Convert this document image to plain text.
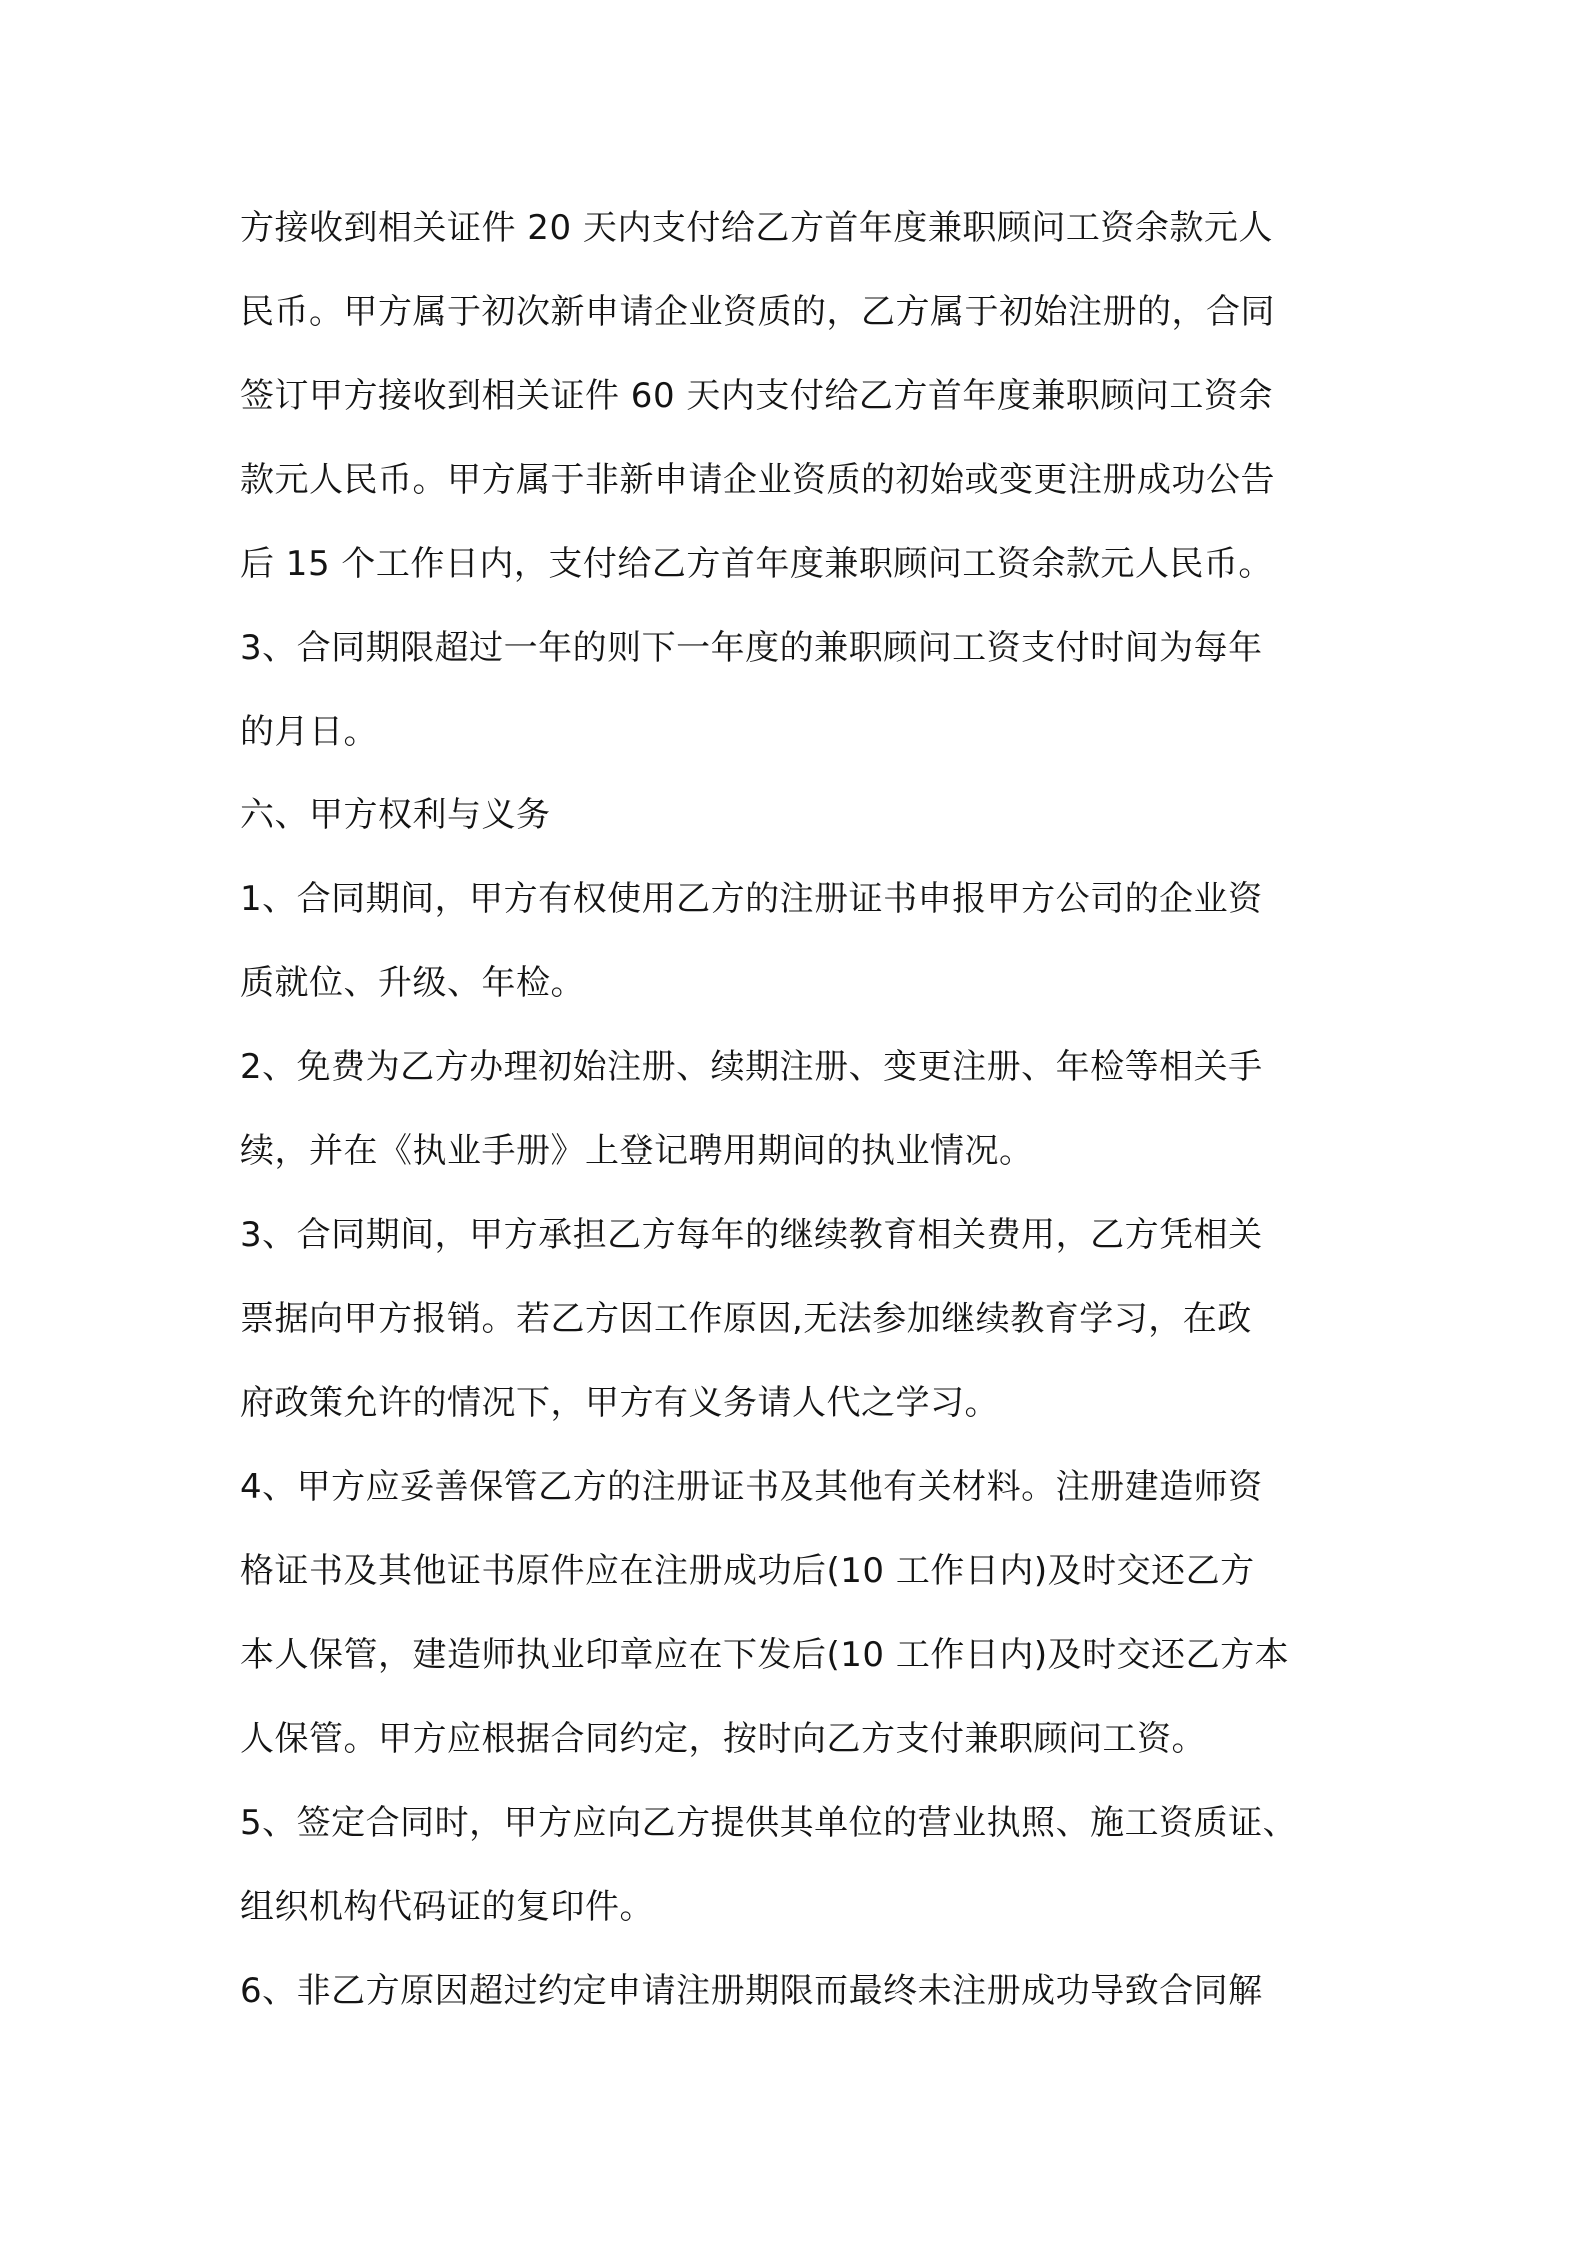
方接收到相关证件 20 天内支付给乙方首年度兼职顾问工资余款元人
民币。甲方属于初次新申请企业资质的，乙方属于初始注册的，合同
签订甲方接收到相关证件 60 天内支付给乙方首年度兼职顾问工资余
款元人民币。甲方属于非新申请企业资质的初始或变更注册成功公告
后 15 个工作日内，支付给乙方首年度兼职顾问工资余款元人民币。
3、合同期限超过一年的则下一年度的兼职顾问工资支付时间为每年
的月日。
六、甲方权利与义务
1、合同期间，甲方有权使用乙方的注册证书申报甲方公司的企业资
质就位、升级、年检。
2、免费为乙方办理初始注册、续期注册、变更注册、年检等相关手
续，并在《执业手册》上登记聘用期间的执业情况。
3、合同期间，甲方承担乙方每年的继续教育相关费用，乙方凭相关
票据向甲方报销。若乙方因工作原因,无法参加继续教育学习，在政
府政策允许的情况下，甲方有义务请人代之学习。
4、甲方应妥善保管乙方的注册证书及其他有关材料。注册建造师资
格证书及其他证书原件应在注册成功后(10 工作日内)及时交还乙方
本人保管，建造师执业印章应在下发后(10 工作日内)及时交还乙方本
人保管。甲方应根据合同约定，按时向乙方支付兼职顾问工资。
5、签定合同时，甲方应向乙方提供其单位的营业执照、施工资质证、
组织机构代码证的复印件。
6、非乙方原因超过约定申请注册期限而最终未注册成功导致合同解
